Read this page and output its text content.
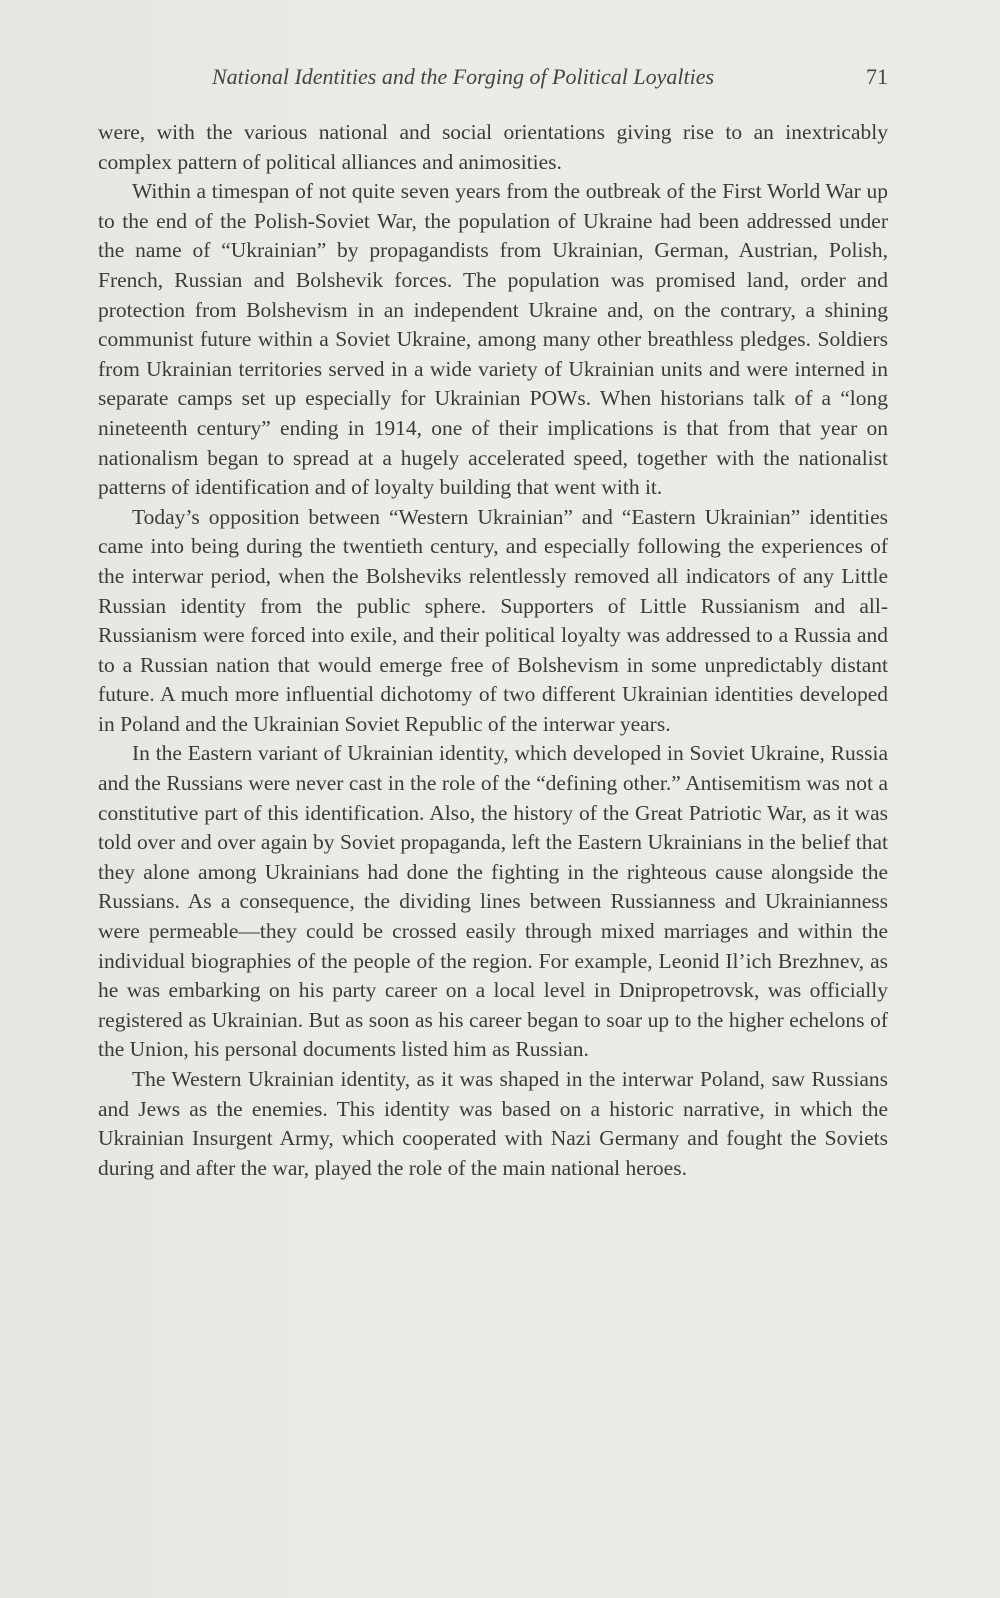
National Identities and the Forging of Political Loyalties	71

were, with the various national and social orientations giving rise to an inextricably complex pattern of political alliances and animosities.

Within a timespan of not quite seven years from the outbreak of the First World War up to the end of the Polish-Soviet War, the population of Ukraine had been addressed under the name of “Ukrainian” by propagandists from Ukrainian, German, Austrian, Polish, French, Russian and Bolshevik forces. The population was promised land, order and protection from Bolshevism in an independent Ukraine and, on the contrary, a shining communist future within a Soviet Ukraine, among many other breathless pledges. Soldiers from Ukrainian territories served in a wide variety of Ukrainian units and were interned in separate camps set up especially for Ukrainian POWs. When historians talk of a “long nineteenth century” ending in 1914, one of their implications is that from that year on nationalism began to spread at a hugely accelerated speed, together with the nationalist patterns of identification and of loyalty building that went with it.

Today’s opposition between “Western Ukrainian” and “Eastern Ukrainian” identities came into being during the twentieth century, and especially following the experiences of the interwar period, when the Bolsheviks relentlessly removed all indicators of any Little Russian identity from the public sphere. Supporters of Little Russianism and all-Russianism were forced into exile, and their political loyalty was addressed to a Russia and to a Russian nation that would emerge free of Bolshevism in some unpredictably distant future. A much more influential dichotomy of two different Ukrainian identities developed in Poland and the Ukrainian Soviet Republic of the interwar years.

In the Eastern variant of Ukrainian identity, which developed in Soviet Ukraine, Russia and the Russians were never cast in the role of the “defining other.” Antisemitism was not a constitutive part of this identification. Also, the history of the Great Patriotic War, as it was told over and over again by Soviet propaganda, left the Eastern Ukrainians in the belief that they alone among Ukrainians had done the fighting in the righteous cause alongside the Russians. As a consequence, the dividing lines between Russianness and Ukrainianness were permeable—they could be crossed easily through mixed marriages and within the individual biographies of the people of the region. For example, Leonid Il’ich Brezhnev, as he was embarking on his party career on a local level in Dnipropetrovsk, was officially registered as Ukrainian. But as soon as his career began to soar up to the higher echelons of the Union, his personal documents listed him as Russian.

The Western Ukrainian identity, as it was shaped in the interwar Poland, saw Russians and Jews as the enemies. This identity was based on a historic narrative, in which the Ukrainian Insurgent Army, which cooperated with Nazi Germany and fought the Soviets during and after the war, played the role of the main national heroes.
